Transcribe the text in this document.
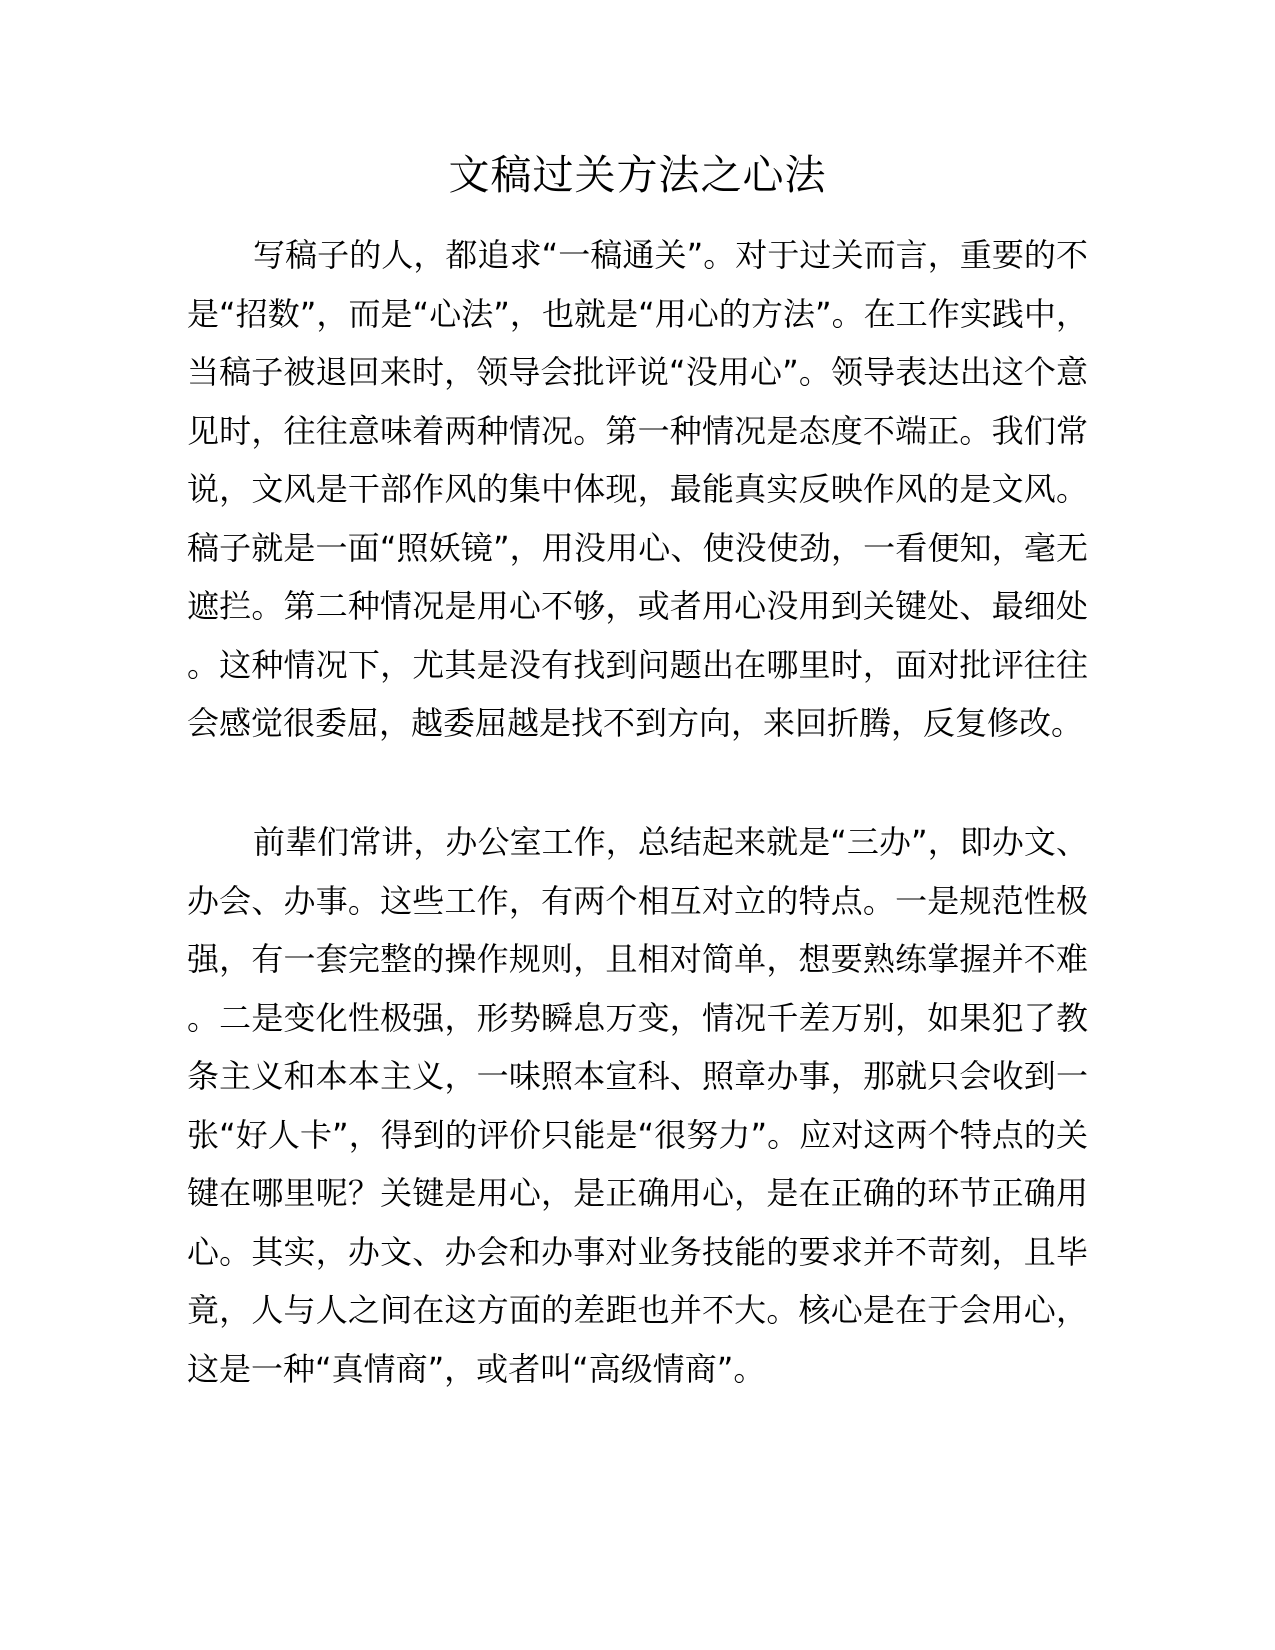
文稿过关方法之心法

写稿子的人，都追求“一稿通关”。对于过关而言，重要的不是“招数”，而是“心法”，也就是“用心的方法”。在工作实践中，当稿子被退回来时，领导会批评说“没用心”。领导表达出这个意见时，往往意味着两种情况。第一种情况是态度不端正。我们常说，文风是干部作风的集中体现，最能真实反映作风的是文风。稿子就是一面“照妖镜”，用没用心、使没使劲，一看便知，毫无遮拦。第二种情况是用心不够，或者用心没用到关键处、最细处。这种情况下，尤其是没有找到问题出在哪里时，面对批评往往会感觉很委屈，越委屈越是找不到方向，来回折腾，反复修改。

前辈们常讲，办公室工作，总结起来就是“三办”，即办文、办会、办事。这些工作，有两个相互对立的特点。一是规范性极强，有一套完整的操作规则，且相对简单，想要熟练掌握并不难。二是变化性极强，形势瞬息万变，情况千差万别，如果犯了教条主义和本本主义，一味照本宣科、照章办事，那就只会收到一张“好人卡”，得到的评价只能是“很努力”。应对这两个特点的关键在哪里呢？关键是用心，是正确用心，是在正确的环节正确用心。其实，办文、办会和办事对业务技能的要求并不苛刻，且毕竟，人与人之间在这方面的差距也并不大。核心是在于会用心，这是一种“真情商”，或者叫“高级情商”。
